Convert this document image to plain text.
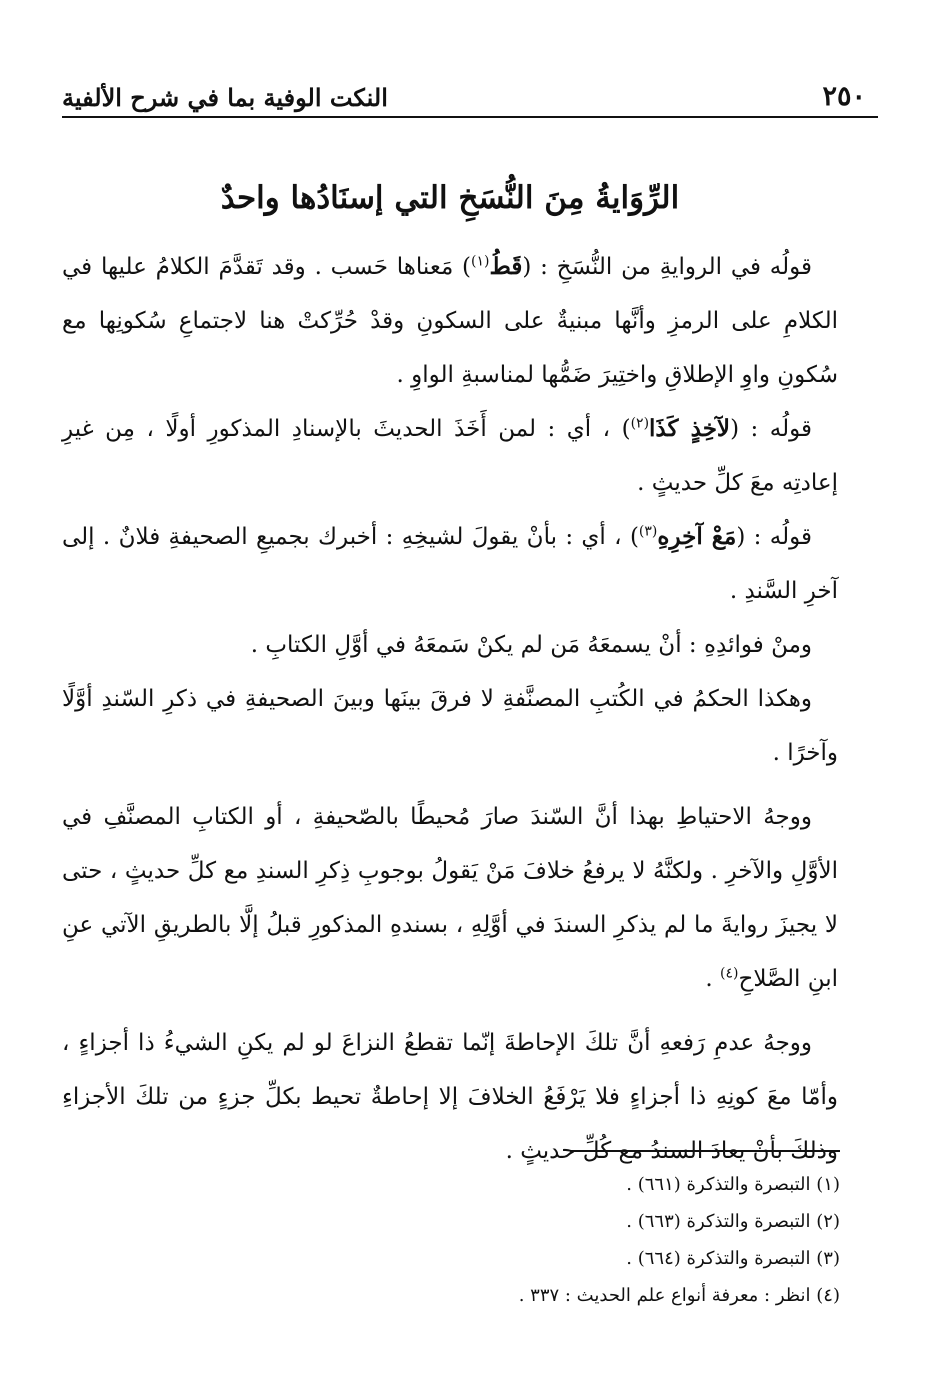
٢٥٠
النكت الوفية بما في شرح الألفية
الرِّوَايةُ مِنَ النُّسَخِ التي إسنَادُها واحدٌ

قولُه في الروايةِ من النُّسَخِ : (قَطُ$^{(١)}$) مَعناها حَسب . وقد تَقدَّمَ الكلامُ عليها في الكلامِ على الرمزِ وأنَّها مبنيةٌ على السكونِ وقدْ حُرِّكتْ هنا لاجتماعِ سُكونِها مع سُكونِ واوِ الإطلاقِ واختِيرَ ضَمُّها لمناسبةِ الواوِ .

قولُه : (لآخِذٍ كَذَا$^{(٢)}$) ، أي : لمن أَخَذَ الحديثَ بالإسنادِ المذكورِ أولًا ، مِن غيرِ إعادتِه معَ كلِّ حديثٍ .

قولُه : (مَعْ آخِرِهِ$^{(٣)}$) ، أي : بأنْ يقولَ لشيخِهِ : أخبرك بجميعِ الصحيفةِ فلانٌ . إلى آخرِ السَّندِ .

ومنْ فوائدِهِ : أنْ يسمعَهُ مَن لم يكنْ سَمعَهُ في أوَّلِ الكتابِ .

وهكذا الحكمُ في الكُتبِ المصنَّفةِ لا فرقَ بينَها وبينَ الصحيفةِ في ذكرِ السّندِ أوَّلًا وآخرًا .

ووجهُ الاحتياطِ بهذا أنَّ السّندَ صارَ مُحيطًا بالصّحيفةِ ، أو الكتابِ المصنَّفِ في الأوَّلِ والآخرِ . ولكنَّهُ لا يرفعُ خلافَ مَنْ يَقولُ بوجوبِ ذِكرِ السندِ مع كلِّ حديثٍ ، حتى لا يجيزَ روايةَ ما لم يذكرِ السندَ في أوَّلِهِ ، بسندهِ المذكورِ قبلُ إلَّا بالطريقِ الآتي عنِ ابنِ الصَّلاحِ$^{(٤)}$ .

ووجهُ عدمِ رَفعهِ أنَّ تلكَ الإحاطةَ إنّما تقطعُ النزاعَ لو لم يكنِ الشيءُ ذا أجزاءٍ ، وأمّا معَ كونِهِ ذا أجزاءٍ فلا يَرْفَعُ الخلافَ إلا إحاطةٌ تحيط بكلِّ جزءٍ من تلكَ الأجزاءِ وذلكَ بأنْ يعادَ السندُ مع كُلِّ حديثٍ .

(١) التبصرة والتذكرة (٦٦١) .

(٢) التبصرة والتذكرة (٦٦٣) .

(٣) التبصرة والتذكرة (٦٦٤) .

(٤) انظر : معرفة أنواع علم الحديث : ٣٣٧ .
